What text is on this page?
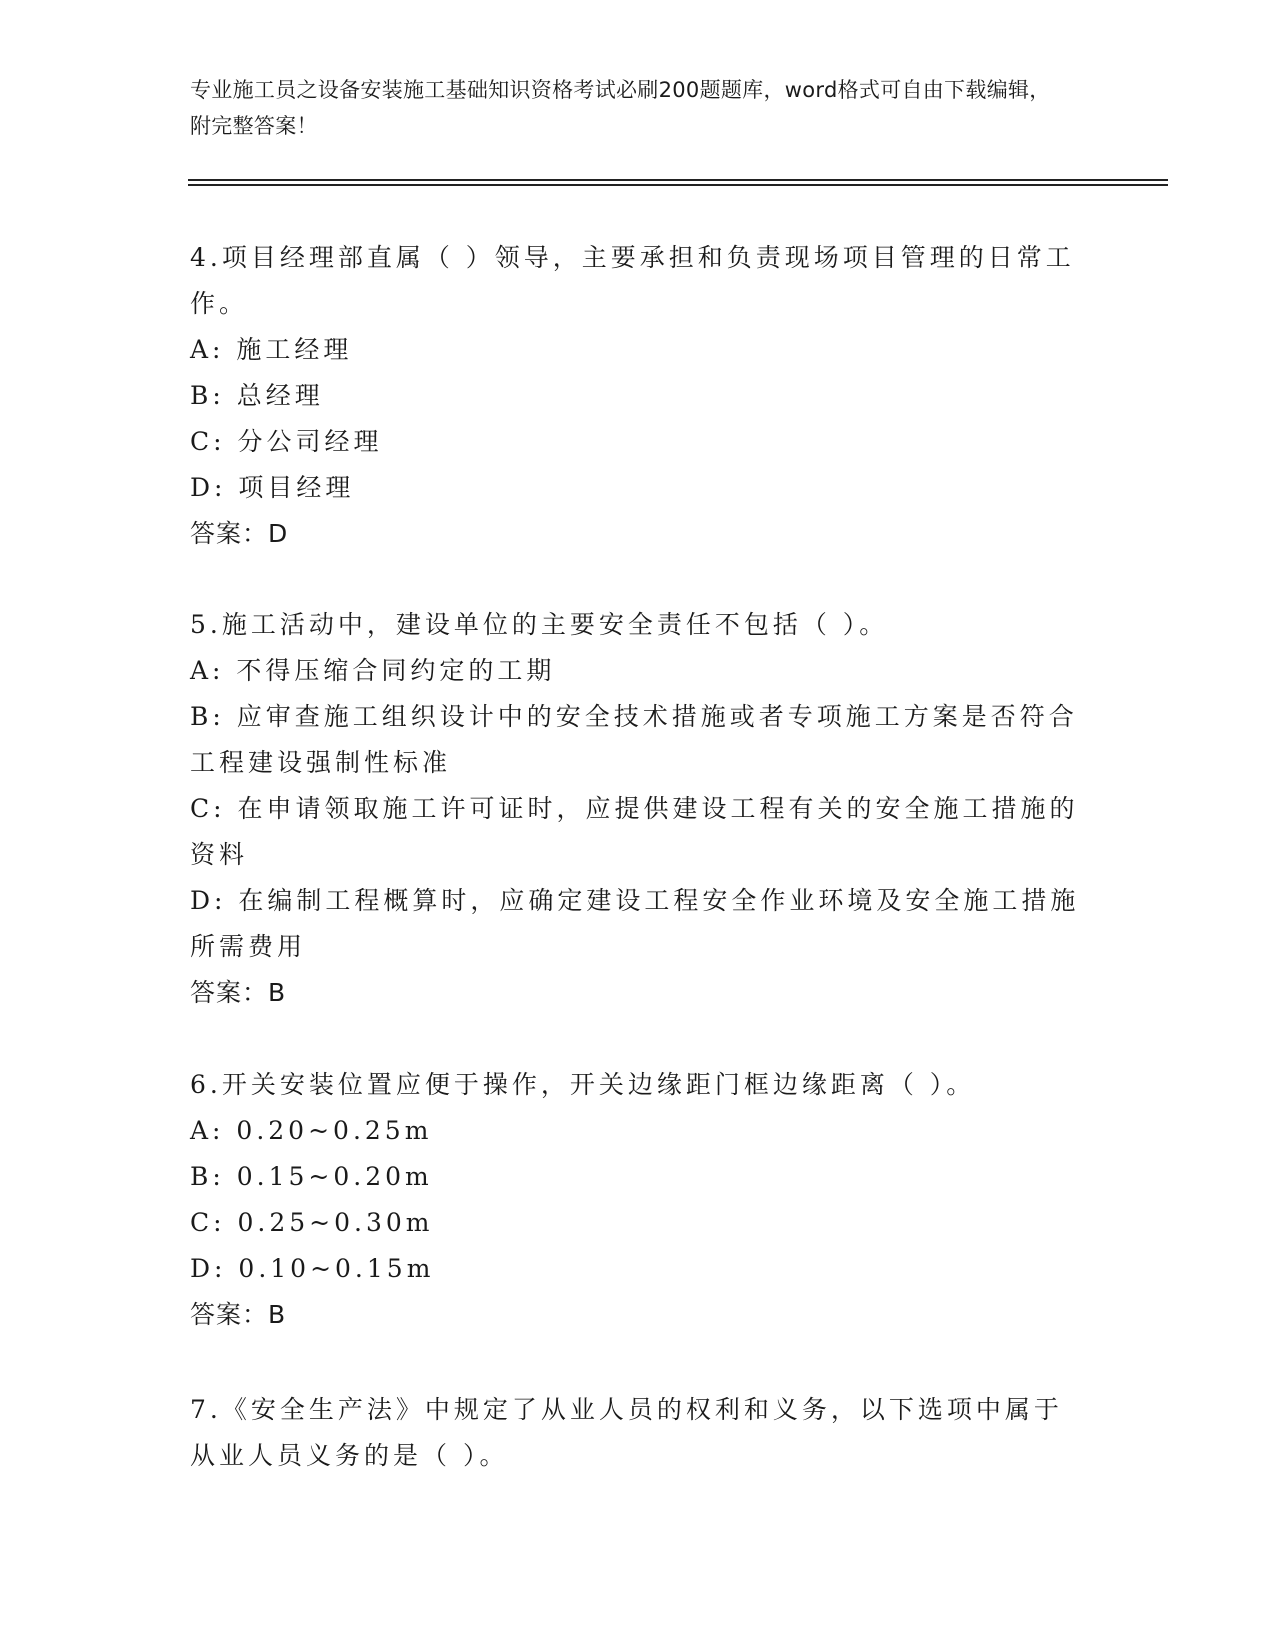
专业施工员之设备安装施工基础知识资格考试必刷200题题库，word格式可自由下载编辑，附完整答案！

4.项目经理部直属（ ）领导，主要承担和负责现场项目管理的日常工作。

A: 施工经理

B: 总经理

C: 分公司经理

D: 项目经理

答案：D

5.施工活动中，建设单位的主要安全责任不包括（ ）。

A: 不得压缩合同约定的工期

B: 应审查施工组织设计中的安全技术措施或者专项施工方案是否符合工程建设强制性标准

C: 在申请领取施工许可证时，应提供建设工程有关的安全施工措施的资料

D: 在编制工程概算时，应确定建设工程安全作业环境及安全施工措施所需费用

答案：B

6.开关安装位置应便于操作，开关边缘距门框边缘距离（ ）。

A: 0.20~0.25m

B: 0.15~0.20m

C: 0.25~0.30m

D: 0.10~0.15m

答案：B

7.《安全生产法》中规定了从业人员的权利和义务，以下选项中属于从业人员义务的是（ ）。
